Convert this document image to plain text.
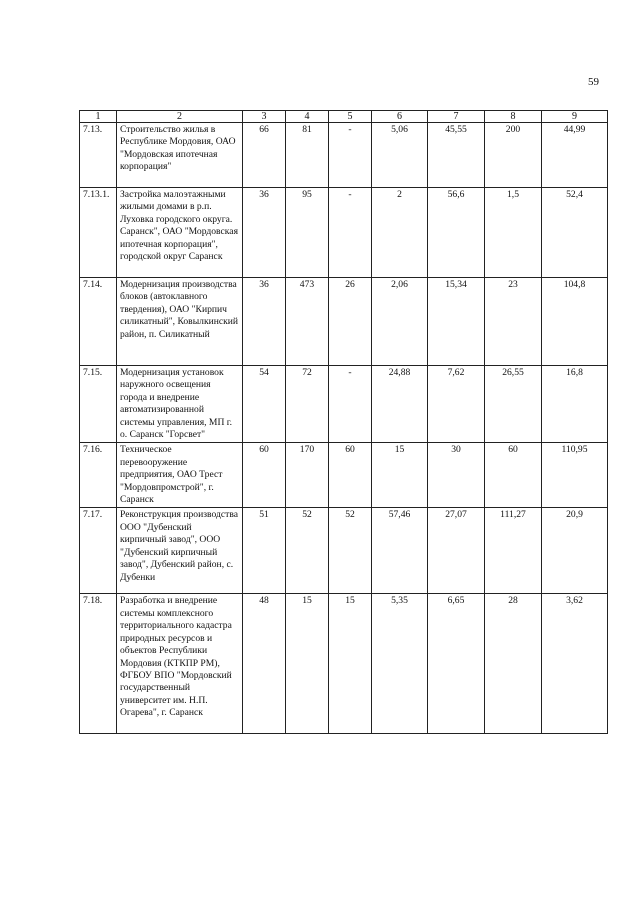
59
1	2	3	4	5	6	7	8	9
7.13.	Строительство жилья в Республике Мордовия, ОАО "Мордовская ипотечная корпорация"	66	81	-	5,06	45,55	200	44,99
7.13.1.	Застройка малоэтажными жилыми домами в р.п. Луховка городского округа. Саранск", ОАО "Мордовская ипотечная корпорация", городской округ Саранск	36	95	-	2	56,6	1,5	52,4
7.14.	Модернизация производства блоков (автоклавного твердения), ОАО "Кирпич силикатный", Ковылкинский район, п. Силикатный	36	473	26	2,06	15,34	23	104,8
7.15.	Модернизация установок наружного освещения города и внедрение автоматизированной системы управления, МП г. о. Саранск "Горсвет"	54	72	-	24,88	7,62	26,55	16,8
7.16.	Техническое перевооружение предприятия, ОАО Трест "Мордовпромстрой", г. Саранск	60	170	60	15	30	60	110,95
7.17.	Реконструкция производства ООО "Дубенский кирпичный завод", ООО "Дубенский кирпичный завод", Дубенский район, с. Дубенки	51	52	52	57,46	27,07	111,27	20,9
7.18.	Разработка и внедрение системы комплексного территориального кадастра природных ресурсов и объектов Республики Мордовия (КТКПР РМ), ФГБОУ ВПО "Мордовский государственный университет им. Н.П. Огарева", г. Саранск	48	15	15	5,35	6,65	28	3,62
